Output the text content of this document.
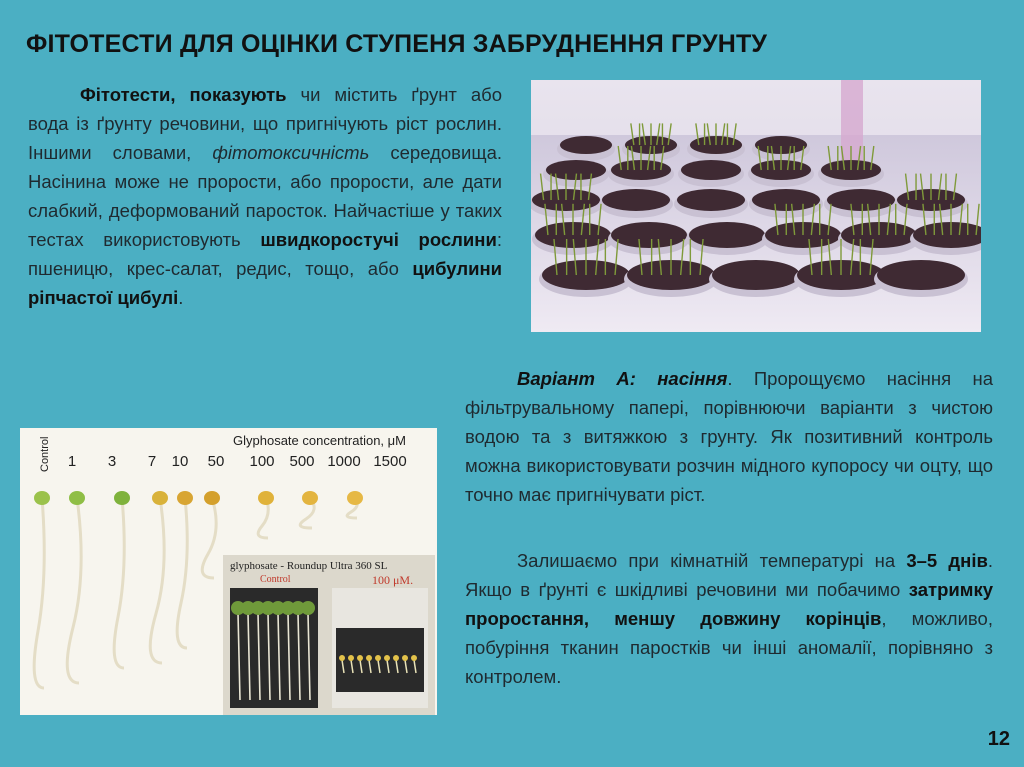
ФІТОТЕСТИ ДЛЯ ОЦІНКИ СТУПЕНЯ ЗАБРУДНЕННЯ ГРУНТУ
Фітотести, показують чи містить ґрунт або вода із ґрунту речовини, що пригнічують ріст рослин. Іншими словами, фітотоксичність середовища. Насінина може не прорости, або прорости, але дати слабкий, деформований паросток. Найчастіше у таких тестах використовують швидкоростучі рослини: пшеницю, крес-салат, редис, тощо, або цибулини ріпчастої цибулі.
Варіант А: насіння. Пророщуємо насіння на фільтрувальному папері, порівнюючи варіанти з чистою водою та з витяжкою з грунту. Як позитивний контроль можна використовувати розчин мідного купоросу чи оцту, що точно має пригнічувати ріст.
Залишаємо при кімнатній температурі на 3–5 днів. Якщо в ґрунті є шкідливі речовини ми побачимо затримку проростання, меншу довжину корінців, можливо, побуріння тканин паростків чи інші аномалії, порівняно з контролем.
Glyphosate concentration, μM
Control 1 3 7 10 50 100 500 1000 1500
glyphosate - Roundup Ultra 360 SL
Control	100 μM.
12
